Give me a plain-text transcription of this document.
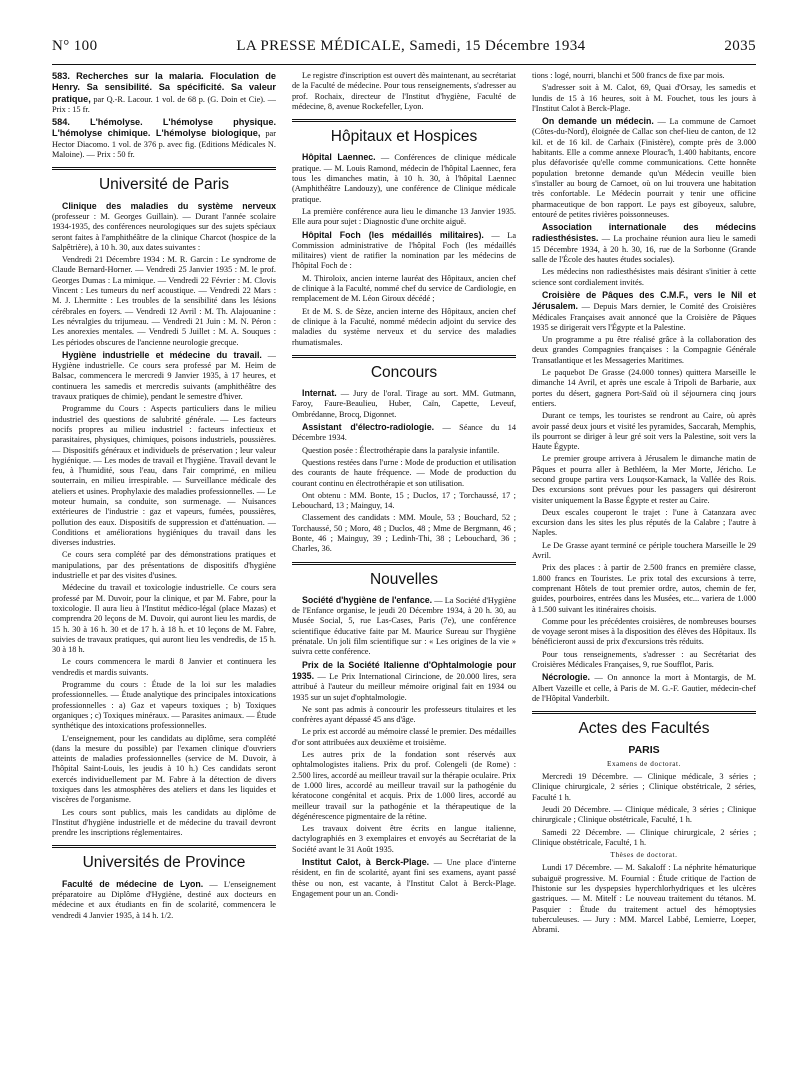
N° 100	LA PRESSE MÉDICALE, Samedi, 15 Décembre 1934	2035

583. Recherches sur la malaria. Floculation de Henry. Sa sensibilité. Sa spécificité. Sa valeur pratique, par Q.-R. Lacour. 1 vol. de 68 p. (G. Doin et Cie). — Prix : 15 fr.

584. L'hémolyse. L'hémolyse physique. L'hémolyse chimique. L'hémolyse biologique, par Hector Diacomo. 1 vol. de 376 p. avec fig. (Editions Médicales N. Maloine). — Prix : 50 fr.

Université de Paris

Clinique des maladies du système nerveux (professeur : M. Georges Guillain). — Durant l'année scolaire 1934-1935, des conférences neurologiques sur des sujets spéciaux seront faites à l'amphithéâtre de la clinique Charcot (hospice de la Salpêtrière), à 10 h. 30, aux dates suivantes :

Vendredi 21 Décembre 1934 : M. R. Garcin : Le syndrome de Claude Bernard-Horner. — Vendredi 25 Janvier 1935 : M. le prof. Georges Dumas : La mimique. — Vendredi 22 Février : M. Clovis Vincent : Les tumeurs du nerf acoustique. — Vendredi 22 Mars : M. J. Lhermitte : Les troubles de la sensibilité dans les lésions cérébrales en foyers. — Vendredi 12 Avril : M. Th. Alajouanine : Les névralgies du trijumeau. — Vendredi 21 Juin : M. N. Péron : Les anorexies mentales. — Vendredi 5 Juillet : M. A. Souques : Les périodes obscures de l'ancienne neurologie grecque.

Hygiène industrielle et médecine du travail. — Hygiène industrielle. Ce cours sera professé par M. Heim de Balsac, commencera le mercredi 9 Janvier 1935, à 17 heures, et continuera les samedis et mercredis suivants (amphithéâtre des travaux pratiques de chimie), pendant le semestre d'hiver.

Programme du Cours : Aspects particuliers dans le milieu industriel des questions de salubrité générale. — Les facteurs nocifs propres au milieu industriel : facteurs infectieux et parasitaires, physiques, chimiques, poisons industriels, poussières. — Dispositifs généraux et individuels de préservation ; leur valeur hygiénique. — Les modes de travail et l'hygiène. Travail devant le feu, à l'humidité, sous l'eau, dans l'air comprimé, en milieu souterrain, en milieu irrespirable. — Surveillance médicale des ateliers et usines. Prophylaxie des maladies professionnelles. — Le moteur humain, sa conduite, son surmenage. — Nuisances extérieures de l'industrie : gaz et vapeurs, fumées, poussières, pollution des eaux. Dispositifs de suppression et d'atténuation. — Conditions et améliorations hygiéniques du travail dans les diverses industries.

Ce cours sera complété par des démonstrations pratiques et manipulations, par des présentations de dispositifs d'hygiène industrielle et par des visites d'usines.

Médecine du travail et toxicologie industrielle. Ce cours sera professé par M. Duvoir, pour la clinique, et par M. Fabre, pour la toxicologie. Il aura lieu à l'Institut médico-légal (place Mazas) et comprendra 20 leçons de M. Duvoir, qui auront lieu les mardis, de 15 h. 30 à 16 h. 30 et de 17 h. à 18 h. et 10 leçons de M. Fabre, suivies de travaux pratiques, qui auront lieu les vendredis, de 15 h. 30 à 18 h.

Le cours commencera le mardi 8 Janvier et continuera les vendredis et mardis suivants.

Programme du cours : Étude de la loi sur les maladies professionnelles. — Étude analytique des principales intoxications professionnelles : a) Gaz et vapeurs toxiques ; b) Toxiques organiques ; c) Toxiques minéraux. — Parasites animaux. — Étude synthétique des intoxications professionnelles.

L'enseignement, pour les candidats au diplôme, sera complété (dans la mesure du possible) par l'examen clinique d'ouvriers atteints de maladies professionnelles (service de M. Duvoir, à l'hôpital Saint-Louis, les jeudis à 10 h.) Ces candidats seront exercés individuellement par M. Fabre à la détection de divers toxiques dans les atmosphères des ateliers et dans les liquides et viscères de l'organisme.

Les cours sont publics, mais les candidats au diplôme de l'Institut d'hygiène industrielle et de médecine du travail devront prendre les inscriptions réglementaires.

Universités de Province

Faculté de médecine de Lyon. — L'enseignement préparatoire au Diplôme d'Hygiène, destiné aux docteurs en médecine et aux étudiants en fin de scolarité, commencera le vendredi 4 Janvier 1935, à 14 h. 1/2.

Le registre d'inscription est ouvert dès maintenant, au secrétariat de la Faculté de médecine. Pour tous renseignements, s'adresser au prof. Rochaix, directeur de l'Institut d'hygiène, Faculté de médecine, 8, avenue Rockefeller, Lyon.

Hôpitaux et Hospices

Hôpital Laennec. — Conférences de clinique médicale pratique. — M. Louis Ramond, médecin de l'hôpital Laennec, fera tous les dimanches matin, à 10 h. 30, à l'hôpital Laennec (Amphithéâtre Landouzy), une conférence de Clinique médicale pratique.

La première conférence aura lieu le dimanche 13 Janvier 1935. Elle aura pour sujet : Diagnostic d'une orchite aiguë.

Hôpital Foch (les médaillés militaires). — La Commission administrative de l'hôpital Foch (les médaillés militaires) vient de ratifier la nomination par les médecins de l'hôpital Foch de :

M. Thiroloix, ancien interne lauréat des Hôpitaux, ancien chef de clinique à la Faculté, nommé chef du service de Cardiologie, en remplacement de M. Léon Giroux décédé ;

Et de M. S. de Sèze, ancien interne des Hôpitaux, ancien chef de clinique à la Faculté, nommé médecin adjoint du service des maladies du système nerveux et du service des maladies rhumatismales.

Concours

Internat. — Jury de l'oral. Tirage au sort. MM. Gutmann, Faroy, Faure-Beaulieu, Huber, Caïn, Capette, Leveuf, Ombrédanne, Brocq, Digonnet.

Assistant d'électro-radiologie. — Séance du 14 Décembre 1934.

Question posée : Électrothérapie dans la paralysie infantile.

Questions restées dans l'urne : Mode de production et utilisation des courants de haute fréquence. — Mode de production du courant continu en électrothérapie et son utilisation.

Ont obtenu : MM. Bonte, 15 ; Duclos, 17 ; Torchaussé, 17 ; Lebouchard, 13 ; Mainguy, 14.

Classement des candidats : MM. Moule, 53 ; Bouchard, 52 ; Torchaussé, 50 ; Moro, 48 ; Duclos, 48 ; Mme de Bergmann, 46 ; Bonte, 46 ; Mainguy, 39 ; Ledinh-Thi, 38 ; Lebouchard, 36 ; Charles, 36.

Nouvelles

Société d'hygiène de l'enfance. — La Société d'Hygiène de l'Enfance organise, le jeudi 20 Décembre 1934, à 20 h. 30, au Musée Social, 5, rue Las-Cases, Paris (7e), une conférence scientifique éducative faite par M. Maurice Sureau sur l'hygiène prénatale. Un joli film scientifique sur : « Les origines de la vie » suivra cette conférence.

Prix de la Société Italienne d'Ophtalmologie pour 1935. — Le Prix International Cirincione, de 20.000 lires, sera attribué à l'auteur du meilleur mémoire original fait en 1934 ou 1935 sur un sujet d'ophtalmologie.

Ne sont pas admis à concourir les professeurs titulaires et les confrères ayant dépassé 45 ans d'âge.

Le prix est accordé au mémoire classé le premier. Des médailles d'or sont attribuées aux deuxième et troisième.

Les autres prix de la fondation sont réservés aux ophtalmologistes italiens. Prix du prof. Colengeli (de Rome) : 2.500 lires, accordé au meilleur travail sur la thérapie oculaire. Prix de 1.000 lires, accordé au meilleur travail sur la pathogénie du kératocone congénital et acquis. Prix de 1.000 lires, accordé au meilleur travail sur la pathogénie et la thérapeutique de la dégénérescence pigmentaire de la rétine.

Les travaux doivent être écrits en langue italienne, dactylographiés en 3 exemplaires et envoyés au Secrétariat de la Société avant le 31 Août 1935.

Institut Calot, à Berck-Plage. — Une place d'interne résident, en fin de scolarité, ayant fini ses examens, ayant passé thèse ou non, est vacante, à l'Institut Calot à Berck-Plage. Engagement pour un an. Condi-

tions : logé, nourri, blanchi et 500 francs de fixe par mois.

S'adresser soit à M. Calot, 69, Quai d'Orsay, les samedis et lundis de 15 à 16 heures, soit à M. Fouchet, tous les jours à l'Institut Calot à Berck-Plage.

On demande un médecin. — La commune de Carnoet (Côtes-du-Nord), éloignée de Callac son chef-lieu de canton, de 12 kil. et de 16 kil. de Carhaix (Finistère), compte près de 3.000 habitants. Elle a comme annexe Plourac'h, 1.400 habitants, encore plus défavorisée qu'elle comme communications. Cette honnête population bretonne demande qu'un Médecin veuille bien s'installer au bourg de Carnoet, où on lui trouvera une habitation très confortable. Le Médecin pourrait y tenir une officine pharmaceutique de bon rapport. Le pays est giboyeux, salubre, entouré de petites rivières poissonneuses.

Association internationale des médecins radiesthésistes. — La prochaine réunion aura lieu le samedi 15 Décembre 1934, à 20 h. 30, 16, rue de la Sorbonne (Grande salle de l'École des hautes études sociales).

Les médecins non radiesthésistes mais désirant s'initier à cette science sont cordialement invités.

Croisière de Pâques des C.M.F., vers le Nil et Jérusalem. — Depuis Mars dernier, le Comité des Croisières Médicales Françaises avait annoncé que la Croisière de Pâques 1935 se dirigerait vers l'Égypte et la Palestine.

Un programme a pu être réalisé grâce à la collaboration des deux grandes Compagnies françaises : la Compagnie Générale Transatlantique et les Messageries Maritimes.

Le paquebot De Grasse (24.000 tonnes) quittera Marseille le dimanche 14 Avril, et après une escale à Tripoli de Barbarie, aux portes du désert, gagnera Port-Saïd où il séjournera cinq jours entiers.

Durant ce temps, les touristes se rendront au Caire, où après avoir passé deux jours et visité les pyramides, Saccarah, Memphis, ils pourront se diriger à leur gré soit vers la Palestine, soit vers la Haute Égypte.

Le premier groupe arrivera à Jérusalem le dimanche matin de Pâques et pourra aller à Bethléem, la Mer Morte, Jéricho. Le second groupe partira vers Louqsor-Karnack, la Vallée des Rois. Des excursions sont prévues pour les passagers qui désireront visiter uniquement la Basse Égypte et rester au Caire.

Deux escales couperont le trajet : l'une à Catanzara avec excursion dans les sites les plus réputés de la Calabre ; l'autre à Naples.

Le De Grasse ayant terminé ce périple touchera Marseille le 29 Avril.

Prix des places : à partir de 2.500 francs en première classe, 1.800 francs en Touristes. Le prix total des excursions à terre, comprenant Hôtels de tout premier ordre, autos, chemin de fer, guides, pourboires, entrées dans les Musées, etc... variera de 1.000 à 1.500 suivant les itinéraires choisis.

Comme pour les précédentes croisières, de nombreuses bourses de voyage seront mises à la disposition des élèves des Hôpitaux. Ils bénéficieront aussi de prix d'excursions très réduits.

Pour tous renseignements, s'adresser : au Secrétariat des Croisières Médicales Françaises, 9, rue Soufflot, Paris.

Nécrologie. — On annonce la mort à Montargis, de M. Albert Vazeille et celle, à Paris de M. G.-F. Gautier, médecin-chef de l'Hôpital Vanderbilt.

Actes des Facultés
PARIS
Examens de doctorat.

Mercredi 19 Décembre. — Clinique médicale, 3 séries ; Clinique chirurgicale, 2 séries ; Clinique obstétricale, 2 séries, Faculté 1 h.

Jeudi 20 Décembre. — Clinique médicale, 3 séries ; Clinique chirurgicale ; Clinique obstétricale, Faculté, 1 h.

Samedi 22 Décembre. — Clinique chirurgicale, 2 séries ; Clinique obstétricale, Faculté, 1 h.

Thèses de doctorat.

Lundi 17 Décembre. — M. Sakaloff : La néphrite hématurique subaiguë progressive. M. Fournial : Étude critique de l'action de l'histonie sur les dyspepsies hyperchlorhydriques et les ulcères gastriques. — M. Mitelf : Le nouveau traitement du tétanos. M. Pasquier : Étude du traitement actuel des hémoptysies tuberculeuses. — Jury : MM. Marcel Labbé, Lemierre, Loeper, Abrami.
